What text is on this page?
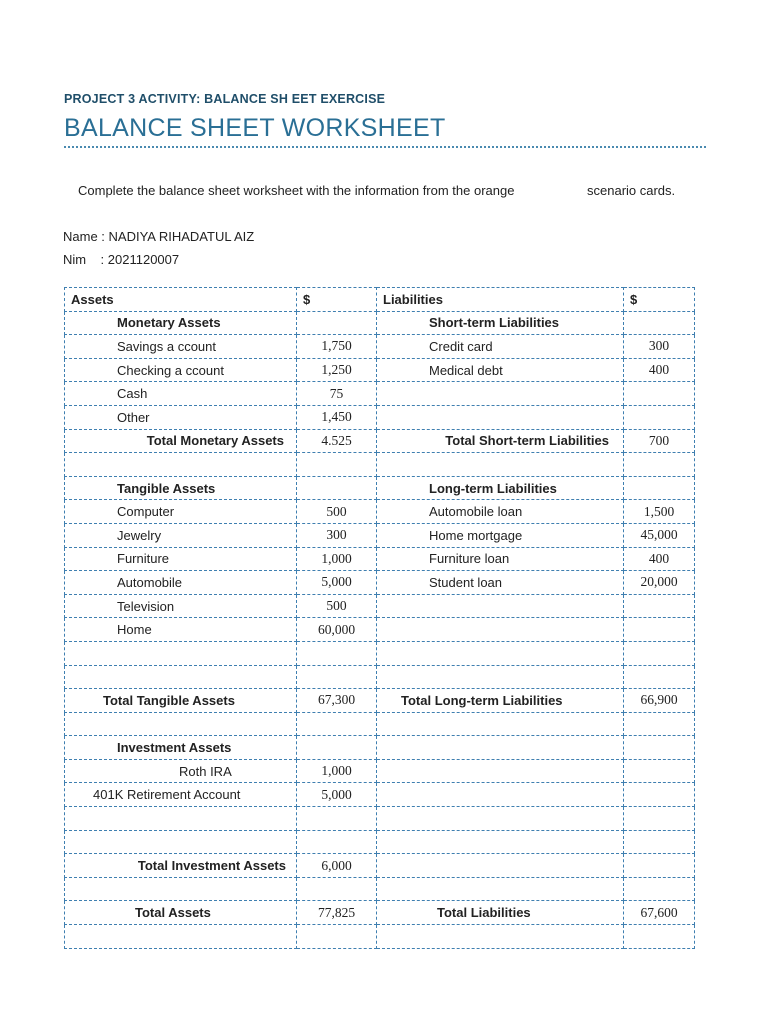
PROJECT 3 ACTIVITY: BALANCE SH EET EXERCISE
BALANCE SHEET WORKSHEET
Complete the balance sheet worksheet with the information from the orange	scenario cards.
Name : NADIYA RIHADATUL AIZ
Nim    : 2021120007
Assets	$	Liabilities	$
Monetary Assets		Short-term Liabilities	
Savings a ccount	1,750	Credit card	300
Checking a ccount	1,250	Medical debt	400
Cash	75		
Other	1,450		
Total Monetary Assets	4.525	Total Short-term Liabilities	700

Tangible Assets		Long-term Liabilities	
Computer	500	Automobile loan	1,500
Jewelry	300	Home mortgage	45,000
Furniture	1,000	Furniture loan	400
Automobile	5,000	Student loan	20,000
Television	500		
Home	60,000		

Total Tangible Assets	67,300	Total Long-term Liabilities	66,900

Investment Assets			
Roth IRA	1,000		
401K Retirement Account	5,000		

Total Investment Assets	6,000		

Total Assets	77,825	Total Liabilities	67,600
